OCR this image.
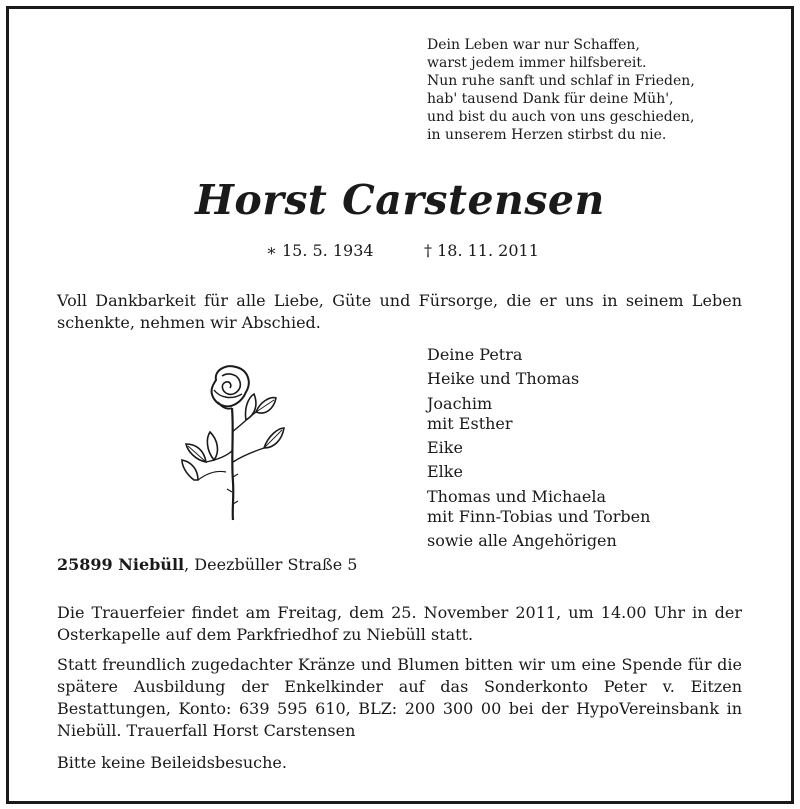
Dein Leben war nur Schaffen,
warst jedem immer hilfsbereit.
Nun ruhe sanft und schlaf in Frieden,
hab' tausend Dank für deine Müh',
und bist du auch von uns geschieden,
in unserem Herzen stirbst du nie.
Horst Carstensen
∗ 15. 5. 1934	† 18. 11. 2011
Voll Dankbarkeit für alle Liebe, Güte und Fürsorge, die er uns in seinem Leben schenkte, nehmen wir Abschied.
Deine Petra
Heike und Thomas
Joachim
mit Esther
Eike
Elke
Thomas und Michaela
mit Finn-Tobias und Torben
sowie alle Angehörigen
25899 Niebüll, Deezbüller Straße 5
Die Trauerfeier findet am Freitag, dem 25. November 2011, um 14.00 Uhr in der Osterkapelle auf dem Parkfriedhof zu Niebüll statt.
Statt freundlich zugedachter Kränze und Blumen bitten wir um eine Spende für die spätere Ausbildung der Enkelkinder auf das Sonderkonto Peter v. Eitzen Bestattungen, Konto: 639 595 610, BLZ: 200 300 00 bei der HypoVereinsbank in Niebüll. Trauerfall Horst Carstensen
Bitte keine Beileidsbesuche.
